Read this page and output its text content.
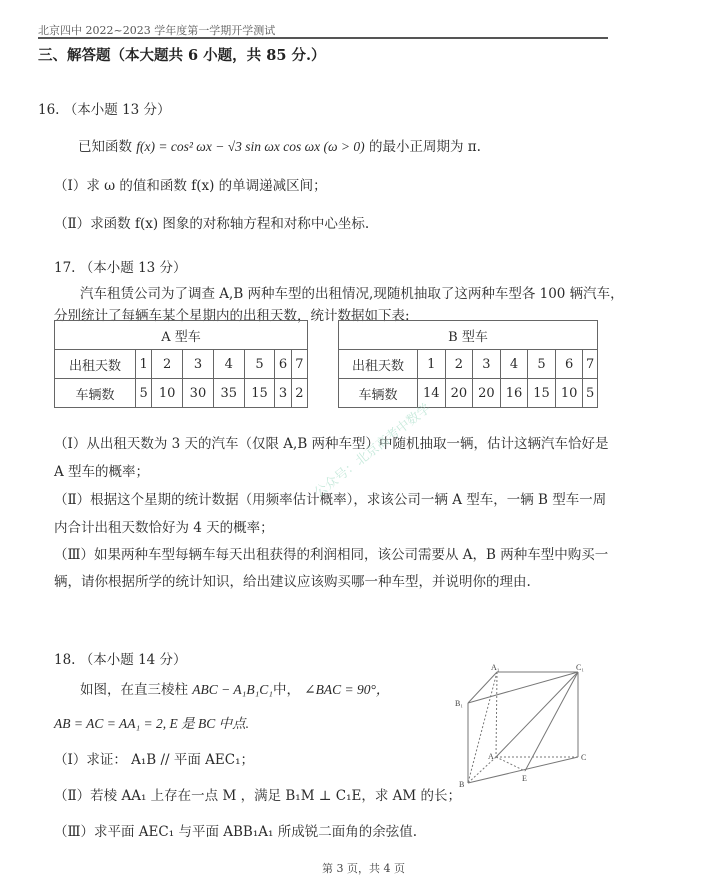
北京四中 2022~2023 学年度第一学期开学测试
三、解答题（本大题共 6 小题，共 85 分.）
16. （本小题 13 分）
已知函数 f(x) = cos² ωx − √3 sin ωx cos ωx (ω > 0) 的最小正周期为 π.
（Ⅰ）求 ω 的值和函数 f(x) 的单调递减区间；
（Ⅱ）求函数 f(x) 图象的对称轴方程和对称中心坐标.
17. （本小题 13 分）
汽车租赁公司为了调查 A,B 两种车型的出租情况,现随机抽取了这两种车型各 100 辆汽车，
分别统计了每辆车某个星期内的出租天数，统计数据如下表:
A 型车							
出租天数	1	2	3	4	5	6	7
车辆数	5	10	30	35	15	3	2
B 型车							
出租天数	1	2	3	4	5	6	7
车辆数	14	20	20	16	15	10	5
（Ⅰ）从出租天数为 3 天的汽车（仅限 A,B 两种车型）中随机抽取一辆，估计这辆汽车恰好是
A 型车的概率；
（Ⅱ）根据这个星期的统计数据（用频率估计概率），求该公司一辆 A 型车，一辆 B 型车一周
内合计出租天数恰好为 4 天的概率；
（Ⅲ）如果两种车型每辆车每天出租获得的利润相同，该公司需要从 A，B 两种车型中购买一
辆，请你根据所学的统计知识，给出建议应该购买哪一种车型，并说明你的理由.
公众号：北京高考中数学
18. （本小题 14 分）
如图，在直三棱柱 ABC − A₁B₁C₁中， ∠BAC = 90°，
AB = AC = AA₁ = 2, E 是 BC 中点.
（Ⅰ）求证： A₁B // 平面 AEC₁；
（Ⅱ）若棱 AA₁ 上存在一点 M ，满足 B₁M ⊥ C₁E，求 AM 的长；
（Ⅲ）求平面 AEC₁ 与平面 ABB₁A₁ 所成锐二面角的余弦值.
A₁	C₁
B₁
A	C
B
E
第 3 页，共 4 页
